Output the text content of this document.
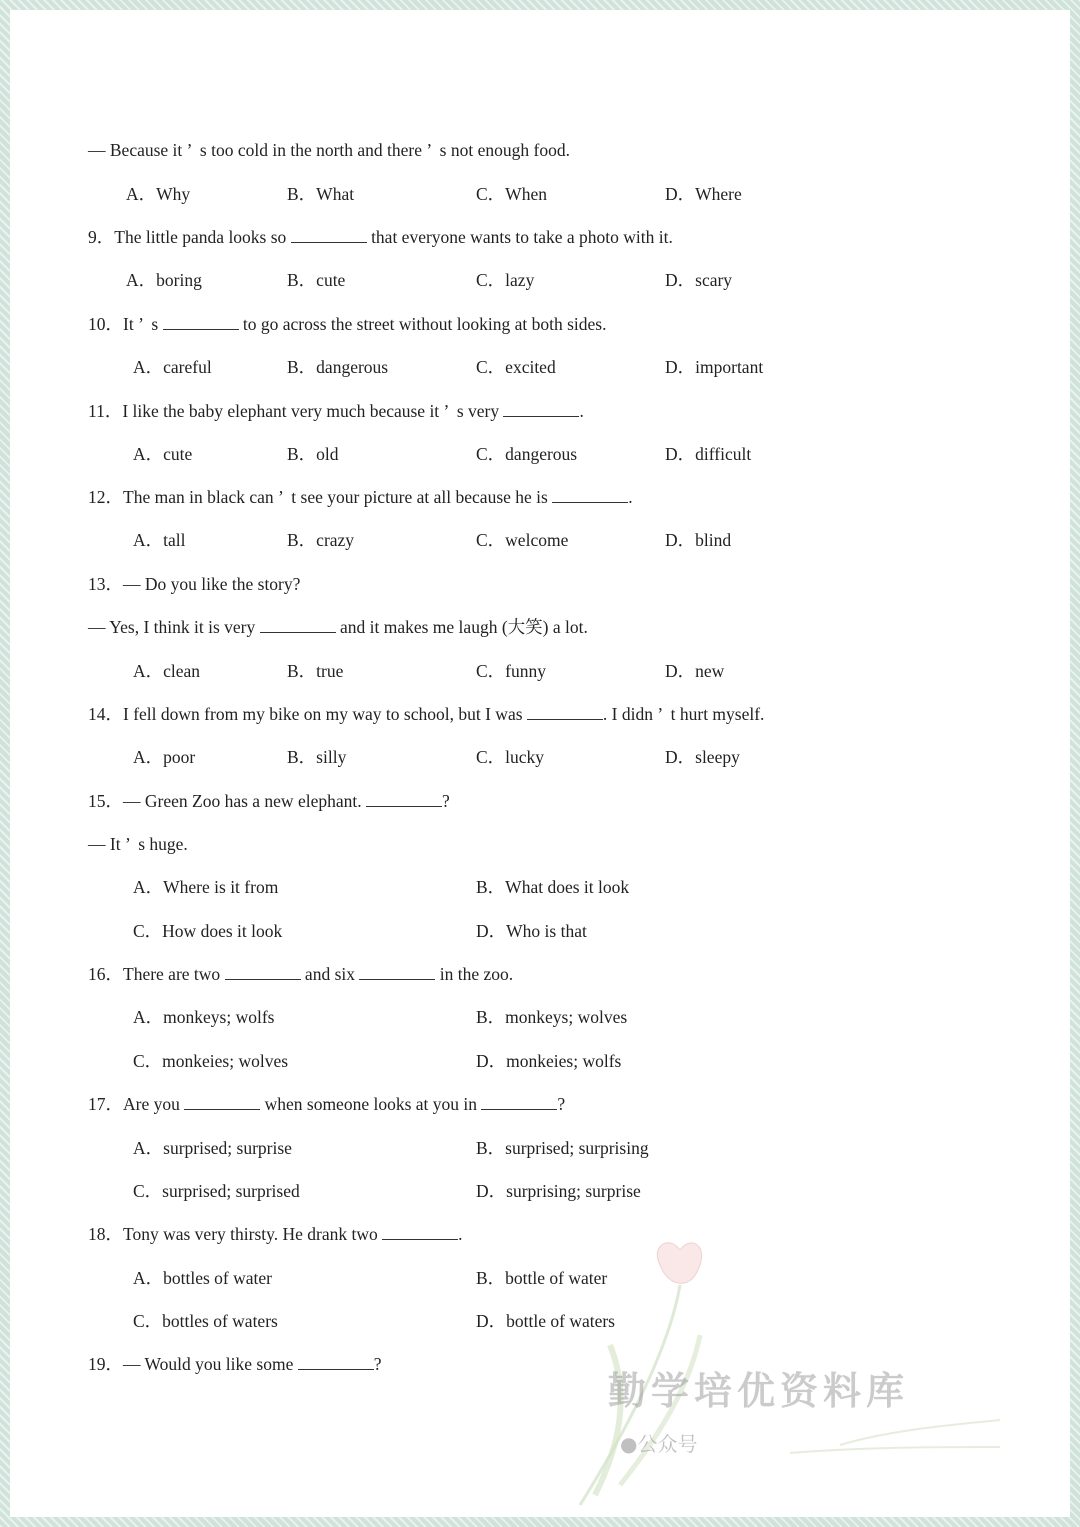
— Because it ’  s too cold in the north and there ’  s not enough food.
A．Why	B．What	C．When	D．Where
9．The little panda looks so	that everyone wants to take a photo with it.
A．boring	B．cute	C．lazy	D．scary
10．It ’  s	to go across the street without looking at both sides.
A．careful	B．dangerous	C．excited	D．important
11．I like the baby elephant very much because it ’  s very	.
A．cute	B．old	C．dangerous	D．difficult
12．The man in black can ’  t see your picture at all because he is	.
A．tall	B．crazy	C．welcome	D．blind
13．— Do you like the story?
— Yes, I think it is very	and it makes me laugh (大笑) a lot.
A．clean	B．true	C．funny	D．new
14．I fell down from my bike on my way to school, but I was	. I didn ’  t hurt myself.
A．poor	B．silly	C．lucky	D．sleepy
15．— Green Zoo has a new elephant.	?
— It ’  s huge.
A．Where is it from	B．What does it look
C．How does it look	D．Who is that
16．There are two	and six	in the zoo.
A．monkeys; wolfs	B．monkeys; wolves
C．monkeies; wolves	D．monkeies; wolfs
17．Are you	when someone looks at you in	?
A．surprised; surprise	B．surprised; surprising
C．surprised; surprised	D．surprising; surprise
18．Tony was very thirsty. He drank two	.
A．bottles of water	B．bottle of water
C．bottles of waters	D．bottle of waters
19．— Would you like some	?
勤学培优资料库
●公众号
